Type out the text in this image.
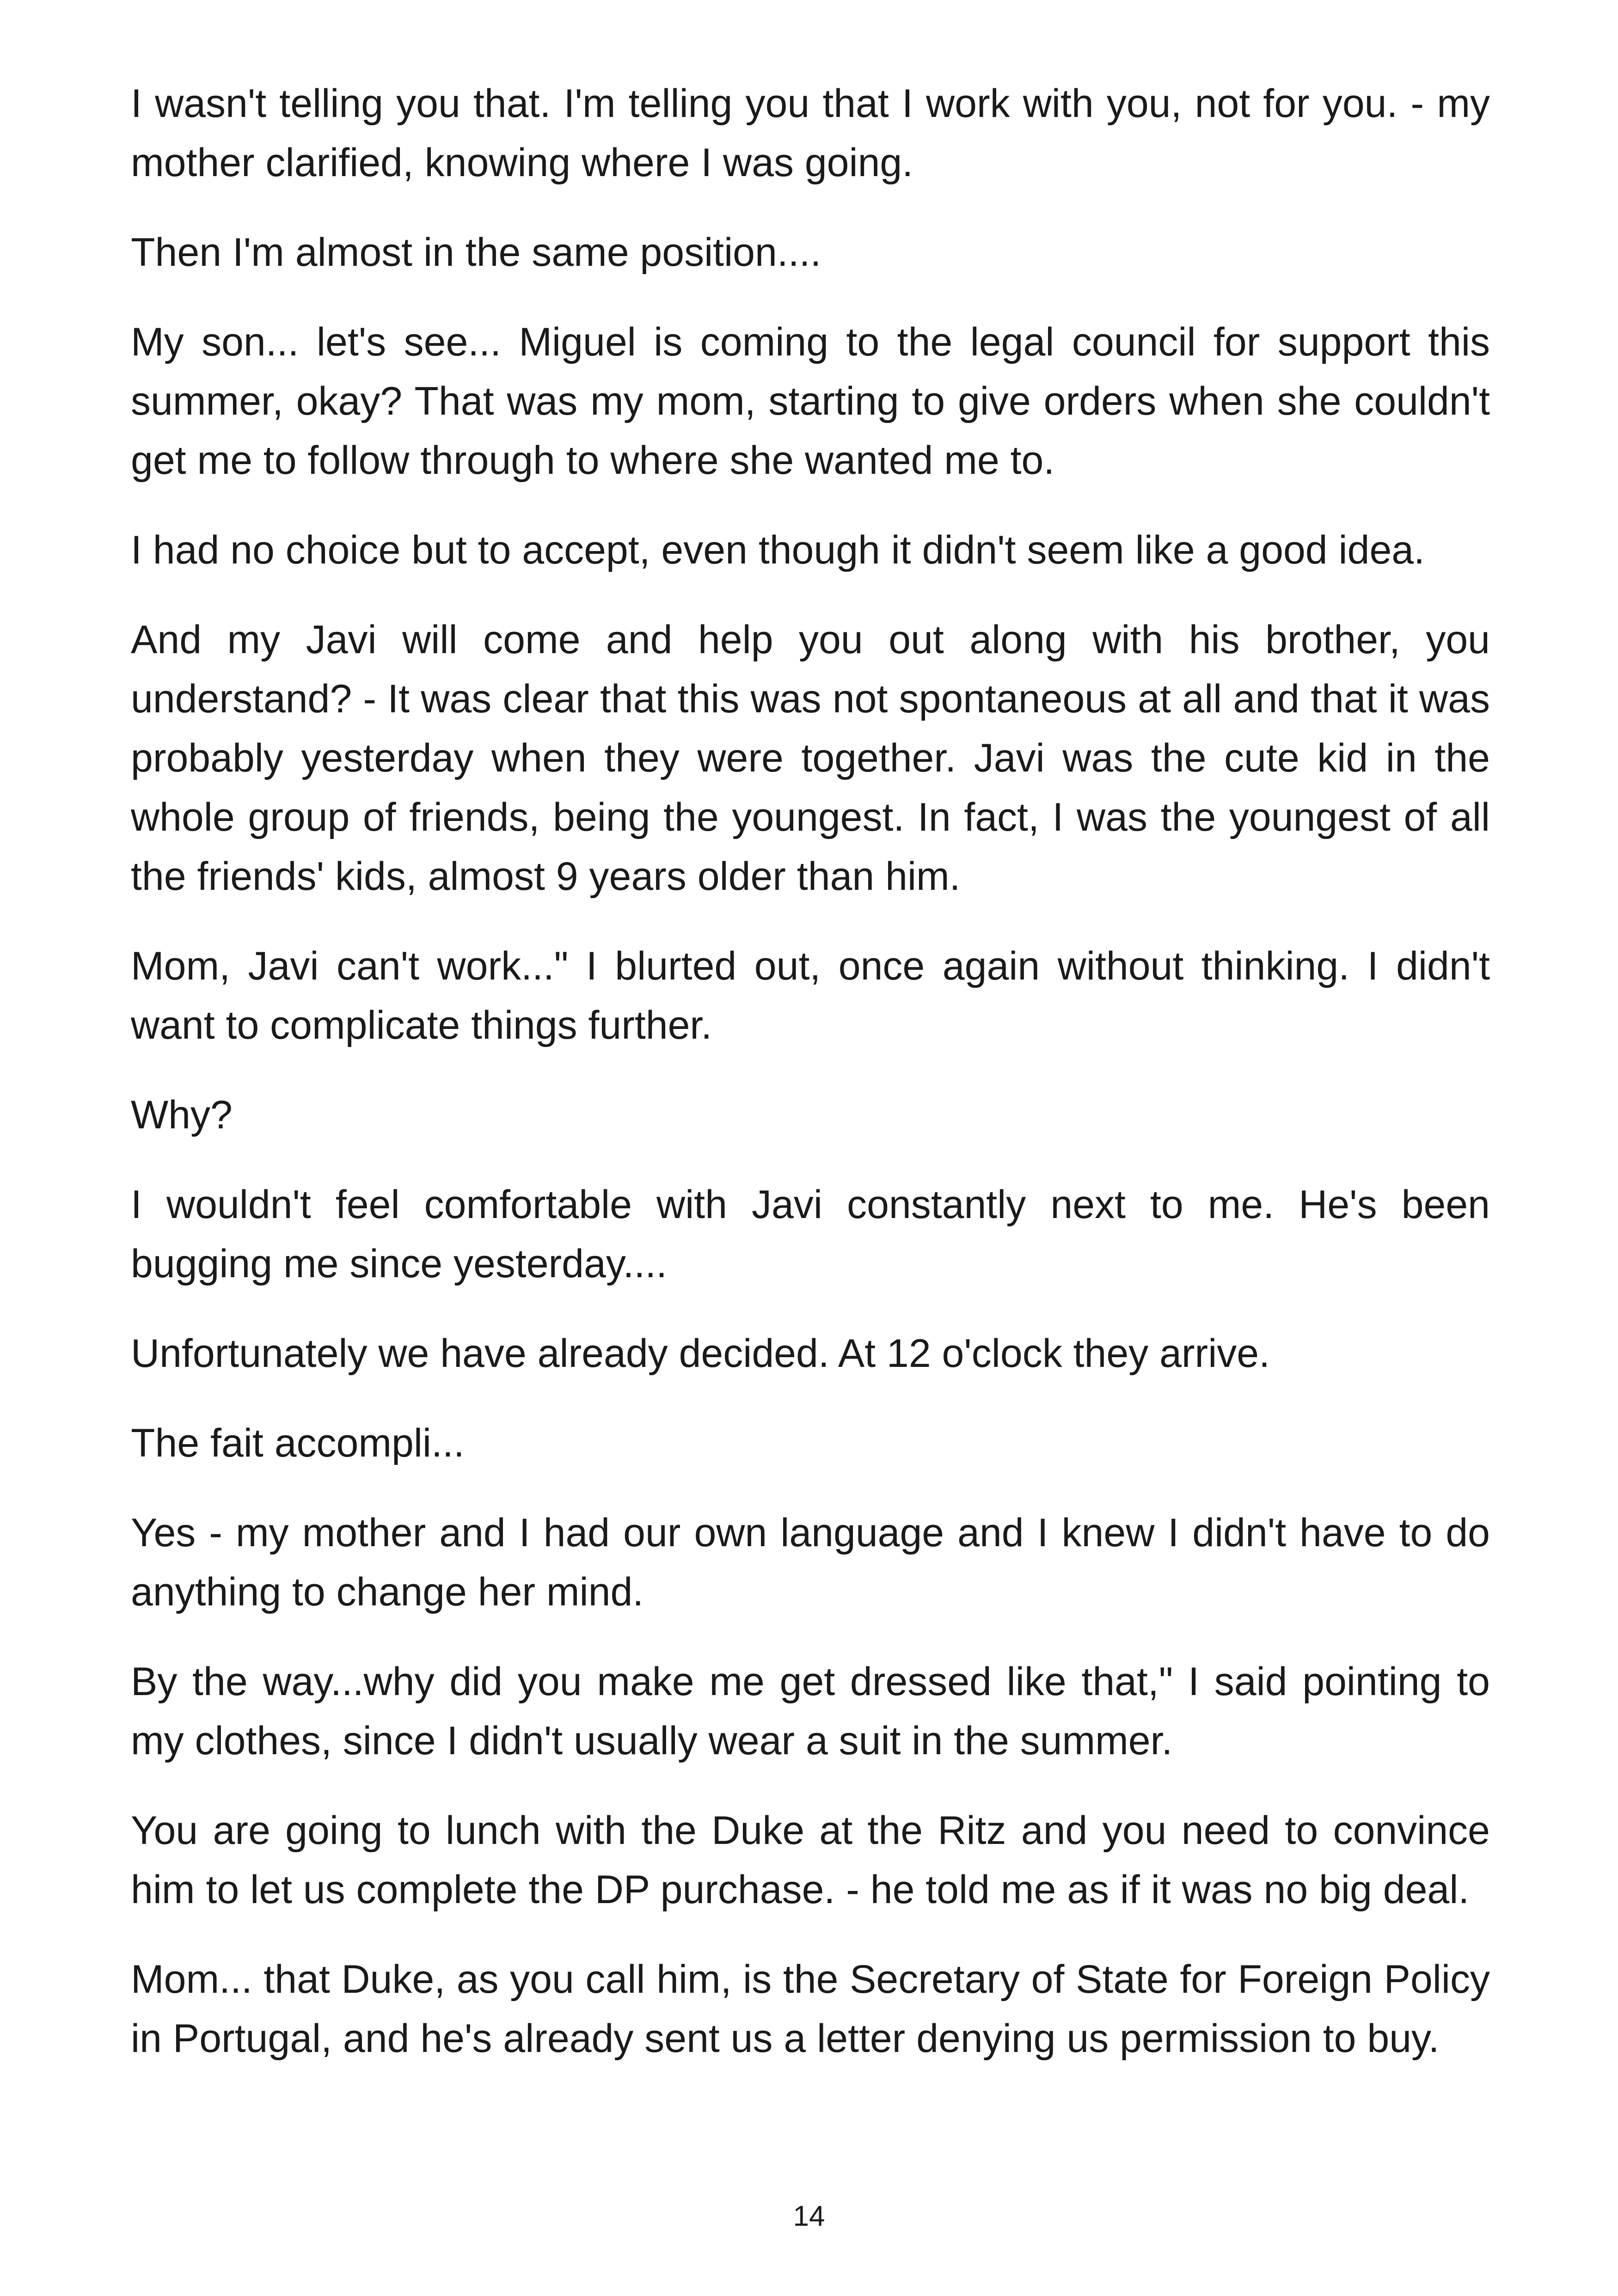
I wasn't telling you that. I'm telling you that I work with you, not for you. - my mother clarified, knowing where I was going.

Then I'm almost in the same position....

My son... let's see... Miguel is coming to the legal council for support this summer, okay? That was my mom, starting to give orders when she couldn't get me to follow through to where she wanted me to.

I had no choice but to accept, even though it didn't seem like a good idea.

And my Javi will come and help you out along with his brother, you understand? - It was clear that this was not spontaneous at all and that it was probably yesterday when they were together. Javi was the cute kid in the whole group of friends, being the youngest. In fact, I was the youngest of all the friends' kids, almost 9 years older than him.

Mom, Javi can't work..." I blurted out, once again without thinking. I didn't want to complicate things further.

Why?

I wouldn't feel comfortable with Javi constantly next to me. He's been bugging me since yesterday....

Unfortunately we have already decided. At 12 o'clock they arrive.

The fait accompli...

Yes - my mother and I had our own language and I knew I didn't have to do anything to change her mind.

By the way...why did you make me get dressed like that," I said pointing to my clothes, since I didn't usually wear a suit in the summer.

You are going to lunch with the Duke at the Ritz and you need to convince him to let us complete the DP purchase. - he told me as if it was no big deal.

Mom... that Duke, as you call him, is the Secretary of State for Foreign Policy in Portugal, and he's already sent us a letter denying us permission to buy.

14
